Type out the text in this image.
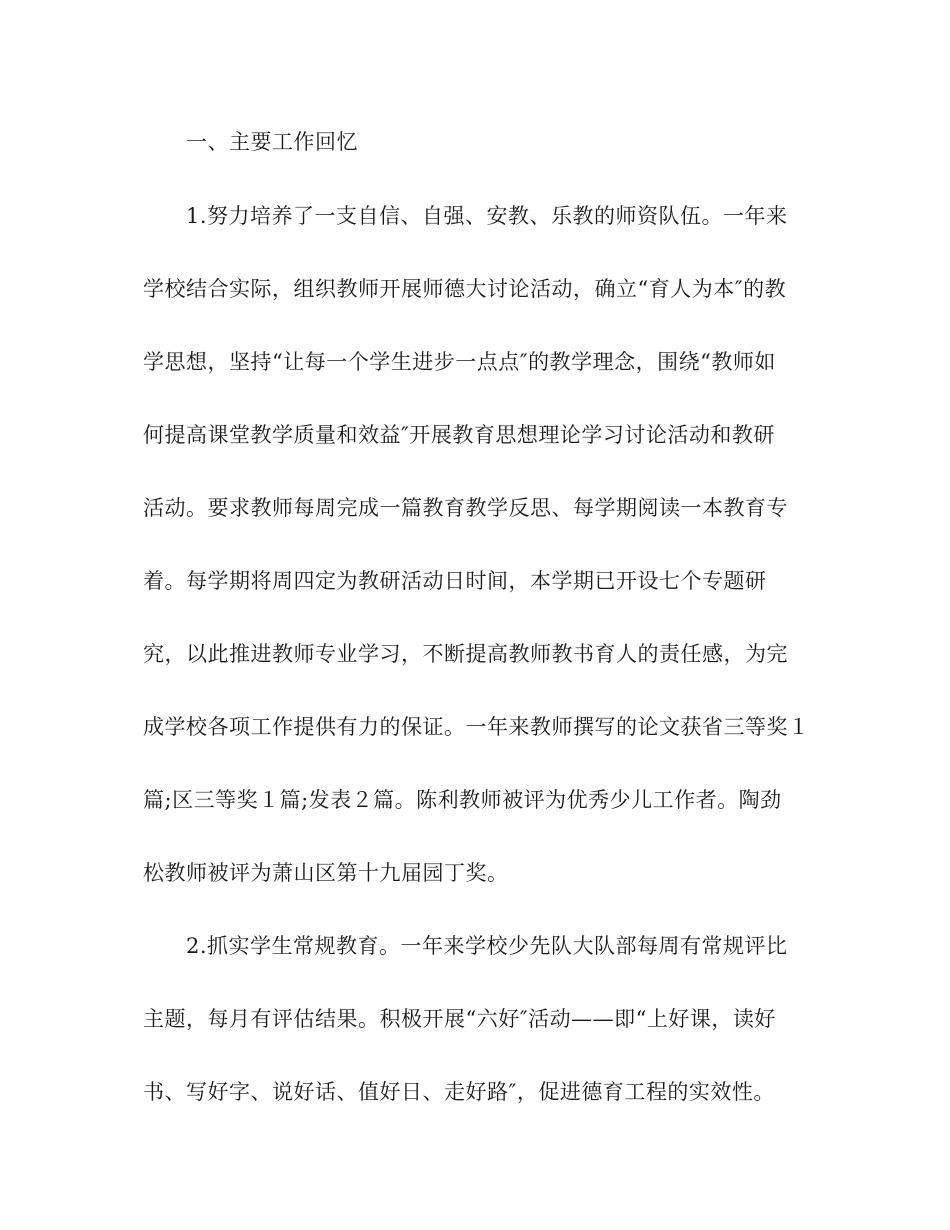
一、主要工作回忆

1.努力培养了一支自信、自强、安教、乐教的师资队伍。一年来

学校结合实际，组织教师开展师德大讨论活动，确立“育人为本″的教

学思想，坚持“让每一个学生进步一点点″的教学理念，围绕“教师如

何提高课堂教学质量和效益″开展教育思想理论学习讨论活动和教研

活动。要求教师每周完成一篇教育教学反思、每学期阅读一本教育专

着。每学期将周四定为教研活动日时间，本学期已开设七个专题研

究，以此推进教师专业学习，不断提高教师教书育人的责任感，为完

成学校各项工作提供有力的保证。一年来教师撰写的论文获省三等奖１

篇;区三等奖１篇;发表２篇。陈利教师被评为优秀少儿工作者。陶劲

松教师被评为萧山区第十九届园丁奖。

2.抓实学生常规教育。一年来学校少先队大队部每周有常规评比

主题，每月有评估结果。积极开展“六好″活动——即“上好课，读好

书、写好字、说好话、值好日、走好路″，促进德育工程的实效性。
